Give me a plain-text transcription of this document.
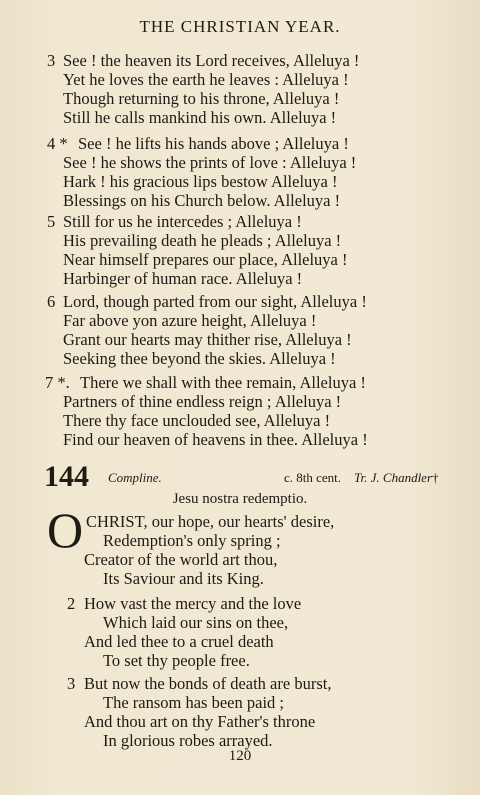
THE CHRISTIAN YEAR.
3 See ! the heaven its Lord receives, Alleluya !
Yet he loves the earth he leaves : Alleluya !
Though returning to his throne, Alleluya !
Still he calls mankind his own. Alleluya !
4 * See ! he lifts his hands above ; Alleluya !
See ! he shows the prints of love : Alleluya !
Hark ! his gracious lips bestow Alleluya !
Blessings on his Church below. Alleluya !
5 Still for us he intercedes ; Alleluya !
His prevailing death he pleads ; Alleluya !
Near himself prepares our place, Alleluya !
Harbinger of human race. Alleluya !
6 Lord, though parted from our sight, Alleluya !
Far above yon azure height, Alleluya !
Grant our hearts may thither rise, Alleluya !
Seeking thee beyond the skies. Alleluya !
7 *. There we shall with thee remain, Alleluya !
Partners of thine endless reign ; Alleluya !
There thy face unclouded see, Alleluya !
Find our heaven of heavens in thee. Alleluya !
144 Compline.	c. 8th cent. Tr. J. Chandler†
Jesu nostra redemptio.
O CHRIST, our hope, our hearts' desire,
Redemption's only spring ;
Creator of the world art thou,
Its Saviour and its King.
2 How vast the mercy and the love
Which laid our sins on thee,
And led thee to a cruel death
To set thy people free.
3 But now the bonds of death are burst,
The ransom has been paid ;
And thou art on thy Father's throne
In glorious robes arrayed.
120
